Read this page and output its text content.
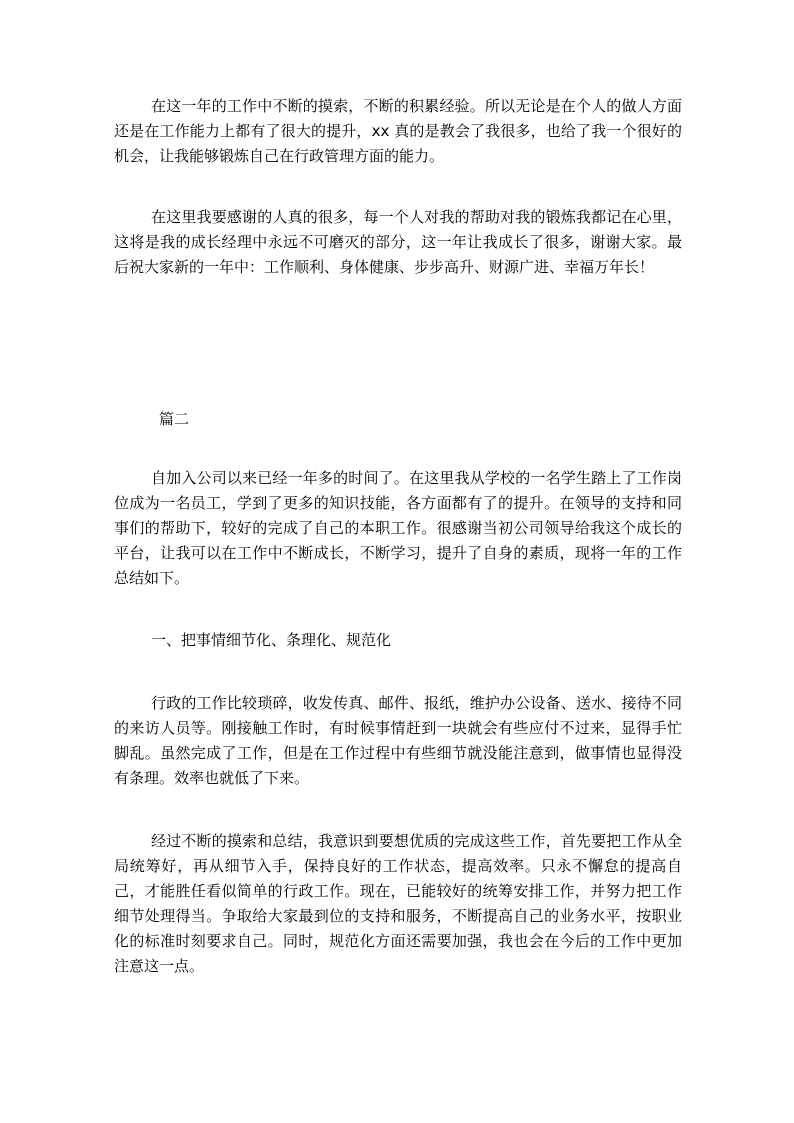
在这一年的工作中不断的摸索，不断的积累经验。所以无论是在个人的做人方面还是在工作能力上都有了很大的提升，xx 真的是教会了我很多，也给了我一个很好的机会，让我能够锻炼自己在行政管理方面的能力。

在这里我要感谢的人真的很多，每一个人对我的帮助对我的锻炼我都记在心里，这将是我的成长经理中永远不可磨灭的部分，这一年让我成长了很多，谢谢大家。最后祝大家新的一年中：工作顺利、身体健康、步步高升、财源广进、幸福万年长！

篇二

自加入公司以来已经一年多的时间了。在这里我从学校的一名学生踏上了工作岗位成为一名员工，学到了更多的知识技能，各方面都有了的提升。在领导的支持和同事们的帮助下，较好的完成了自己的本职工作。很感谢当初公司领导给我这个成长的平台，让我可以在工作中不断成长，不断学习，提升了自身的素质，现将一年的工作总结如下。

一、把事情细节化、条理化、规范化

行政的工作比较琐碎，收发传真、邮件、报纸，维护办公设备、送水、接待不同的来访人员等。刚接触工作时，有时候事情赶到一块就会有些应付不过来，显得手忙脚乱。虽然完成了工作，但是在工作过程中有些细节就没能注意到，做事情也显得没有条理。效率也就低了下来。

经过不断的摸索和总结，我意识到要想优质的完成这些工作，首先要把工作从全局统筹好，再从细节入手，保持良好的工作状态，提高效率。只永不懈怠的提高自己，才能胜任看似简单的行政工作。现在，已能较好的统筹安排工作，并努力把工作细节处理得当。争取给大家最到位的支持和服务，不断提高自己的业务水平，按职业化的标准时刻要求自己。同时，规范化方面还需要加强，我也会在今后的工作中更加注意这一点。
